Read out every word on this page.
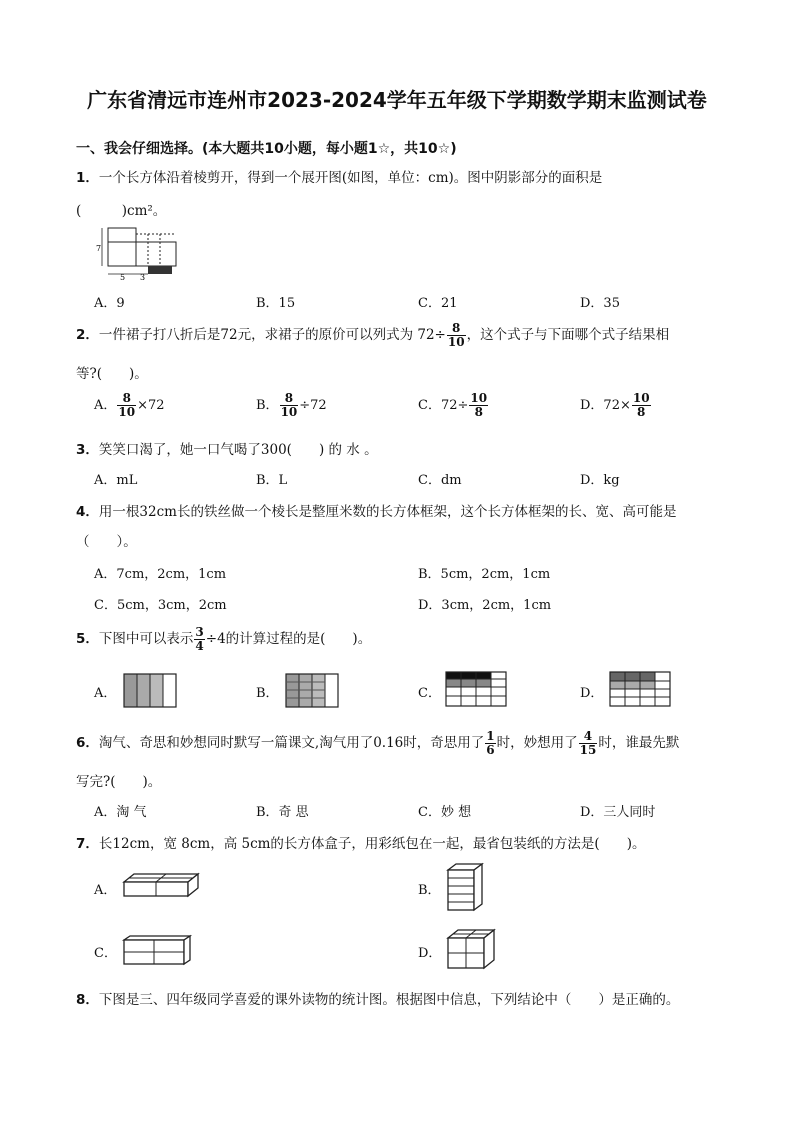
广东省清远市连州市2023-2024学年五年级下学期数学期末监测试卷
一、我会仔细选择。(本大题共10小题，每小题1☆，共10☆)
1．一个长方体沿着棱剪开，得到一个展开图(如图，单位：cm)。图中阴影部分的面积是
(　　　)cm²。
7
5 3
A．9	B．15	C．21	D．35
2．一件裙子打八折后是72元，求裙子的原价可以列式为 $72\div \frac{8}{10}$ ，这个式子与下面哪个式子结果相
等?(　　)。
A． $\frac{8}{10} \times 72$	B． $\frac{8}{10} \div 72$	C．$72\div \frac{10}{8}$	D．$72\times \frac{10}{8}$
3．笑笑口渴了，她一口气喝了300(　　) 的 水 。
A．mL	B．L	C．dm	D．kg
4．用一根32cm长的铁丝做一个棱长是整厘米数的长方体框架，这个长方体框架的长、宽、高可能是
（　　）。
A．7cm，2cm，1cm	B．5cm，2cm，1cm
C．5cm，3cm，2cm	D．3cm，2cm，1cm
5．下图中可以表示 $\frac{3}{4} \div 4$的计算过程的是(　　)。
A．	B．	C．	D．
6．淘气、奇思和妙想同时默写一篇课文,淘气用了0.16时，奇思用了 $\frac{1}{6}$ 时，妙想用了 $\frac{4}{15}$ 时，谁最先默
写完?(　　)。
A．淘 气	B．奇 思	C．妙 想	D．三人同时
7．长12cm，宽 8cm，高 5cm的长方体盒子，用彩纸包在一起，最省包装纸的方法是(　　)。
A．	B．
C．	D．
8．下图是三、四年级同学喜爱的课外读物的统计图。根据图中信息，下列结论中（　　）是正确的。
